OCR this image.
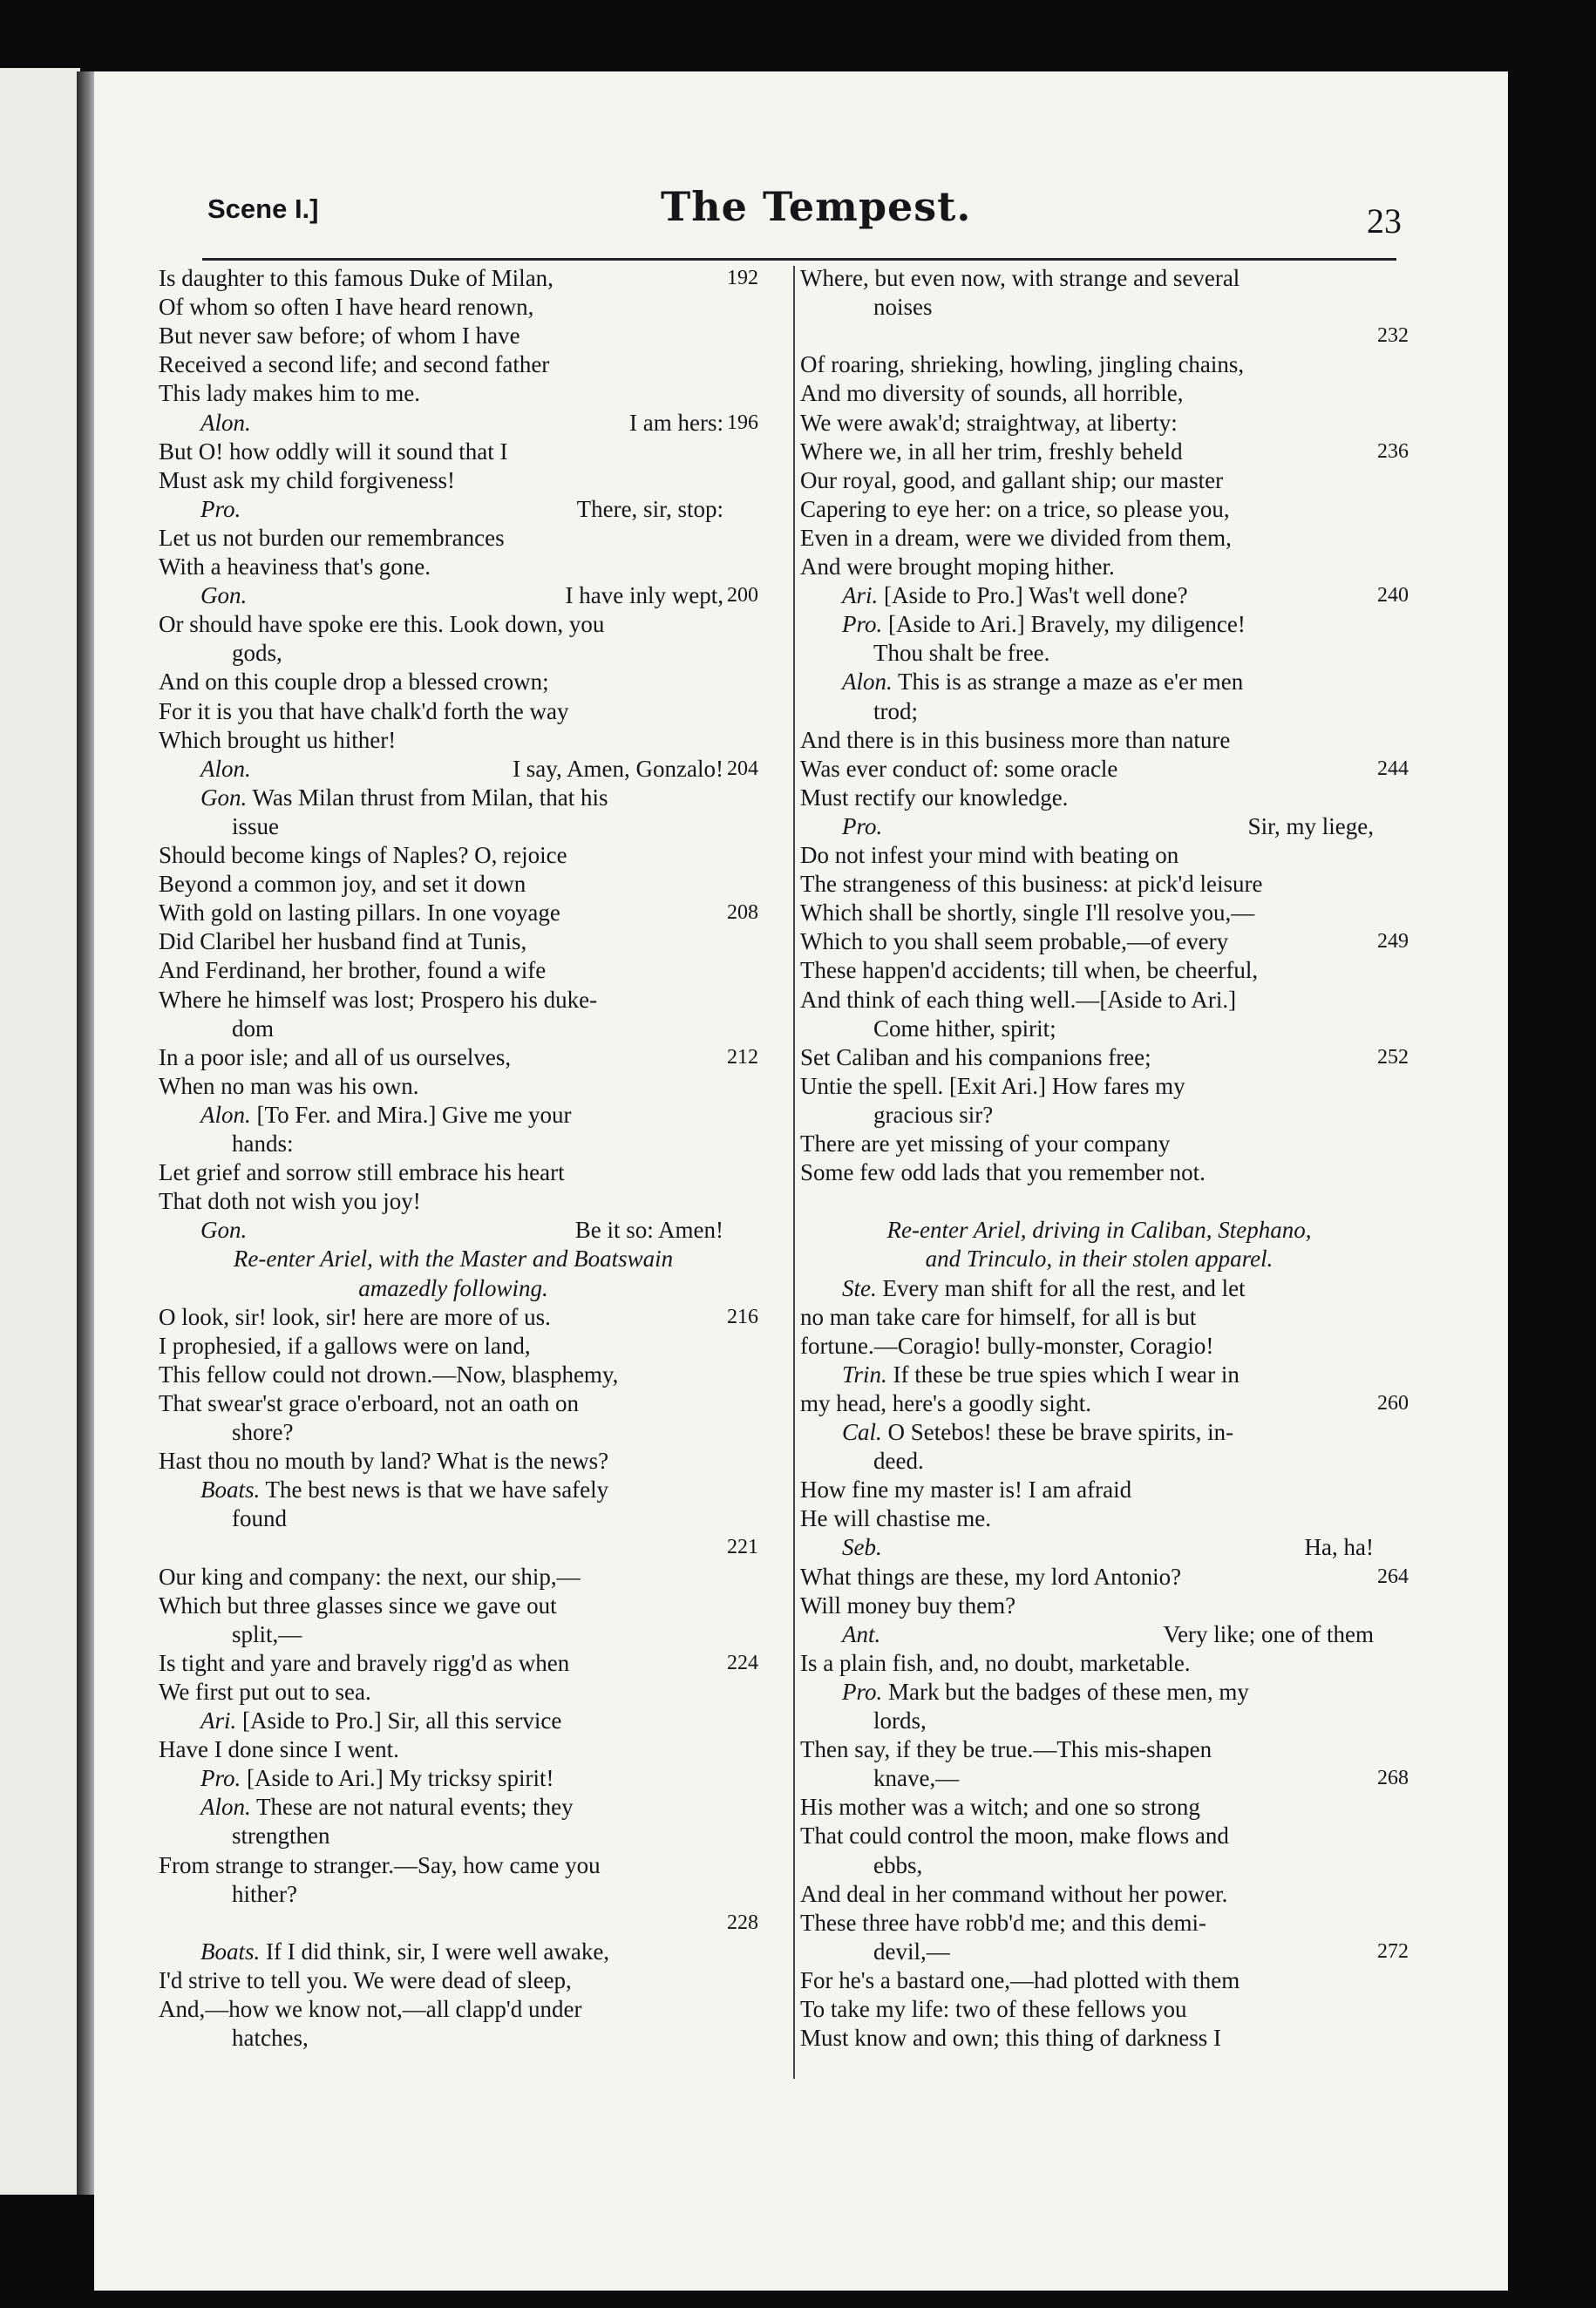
Scene I.]	The Tempest.	23
Is daughter to this famous Duke of Milan,	192
Of whom so often I have heard renown,
But never saw before; of whom I have
Received a second life; and second father
This lady makes him to me.
Alon.	I am hers: 196
But O! how oddly will it sound that I
Must ask my child forgiveness!
Pro.	There, sir, stop:
Let us not burden our remembrances
With a heaviness that's gone.
Gon.	I have inly wept, 200
Or should have spoke ere this. Look down, you
gods,
And on this couple drop a blessed crown;
For it is you that have chalk'd forth the way
Which brought us hither!
Alon.	I say, Amen, Gonzalo! 204
Gon. Was Milan thrust from Milan, that his
issue
Should become kings of Naples? O, rejoice
Beyond a common joy, and set it down
With gold on lasting pillars. In one voyage	208
Did Claribel her husband find at Tunis,
And Ferdinand, her brother, found a wife
Where he himself was lost; Prospero his duke-
dom
In a poor isle; and all of us ourselves,	212
When no man was his own.
Alon. [To Fer. and Mira.] Give me your
hands:
Let grief and sorrow still embrace his heart
That doth not wish you joy!
Gon.	Be it so: Amen!
Re-enter Ariel, with the Master and Boatswain
amazedly following.
O look, sir! look, sir! here are more of us.	216
I prophesied, if a gallows were on land,
This fellow could not drown.—Now, blasphemy,
That swear'st grace o'erboard, not an oath on
shore?
Hast thou no mouth by land? What is the news?
Boats. The best news is that we have safely
found
221
Our king and company: the next, our ship,—
Which but three glasses since we gave out
split,—
Is tight and yare and bravely rigg'd as when	224
We first put out to sea.
Ari. [Aside to Pro.] Sir, all this service
Have I done since I went.
Pro. [Aside to Ari.] My tricksy spirit!
Alon. These are not natural events; they
strengthen
From strange to stranger.—Say, how came you
hither?
228
Boats. If I did think, sir, I were well awake,
I'd strive to tell you. We were dead of sleep,
And,—how we know not,—all clapp'd under
hatches,
Where, but even now, with strange and several
noises
232
Of roaring, shrieking, howling, jingling chains,
And mo diversity of sounds, all horrible,
We were awak'd; straightway, at liberty:
Where we, in all her trim, freshly beheld	236
Our royal, good, and gallant ship; our master
Capering to eye her: on a trice, so please you,
Even in a dream, were we divided from them,
And were brought moping hither.
Ari. [Aside to Pro.] Was't well done?	240
Pro. [Aside to Ari.] Bravely, my diligence!
Thou shalt be free.
Alon. This is as strange a maze as e'er men
trod;
And there is in this business more than nature
Was ever conduct of: some oracle	244
Must rectify our knowledge.
Pro.	Sir, my liege,
Do not infest your mind with beating on
The strangeness of this business: at pick'd leisure
Which shall be shortly, single I'll resolve you,—
Which to you shall seem probable,—of every	249
These happen'd accidents; till when, be cheerful,
And think of each thing well.—[Aside to Ari.]
Come hither, spirit;
Set Caliban and his companions free;	252
Untie the spell. [Exit Ari.] How fares my
gracious sir?
There are yet missing of your company
Some few odd lads that you remember not.
Re-enter Ariel, driving in Caliban, Stephano,
and Trinculo, in their stolen apparel.
Ste. Every man shift for all the rest, and let
no man take care for himself, for all is but
fortune.—Coragio! bully-monster, Coragio!
Trin. If these be true spies which I wear in
my head, here's a goodly sight.	260
Cal. O Setebos! these be brave spirits, in-
deed.
How fine my master is! I am afraid
He will chastise me.
Seb.	Ha, ha!
What things are these, my lord Antonio?	264
Will money buy them?
Ant.	Very like; one of them
Is a plain fish, and, no doubt, marketable.
Pro. Mark but the badges of these men, my
lords,
Then say, if they be true.—This mis-shapen
knave,—	268
His mother was a witch; and one so strong
That could control the moon, make flows and
ebbs,
And deal in her command without her power.
These three have robb'd me; and this demi-
devil,—	272
For he's a bastard one,—had plotted with them
To take my life: two of these fellows you
Must know and own; this thing of darkness I
